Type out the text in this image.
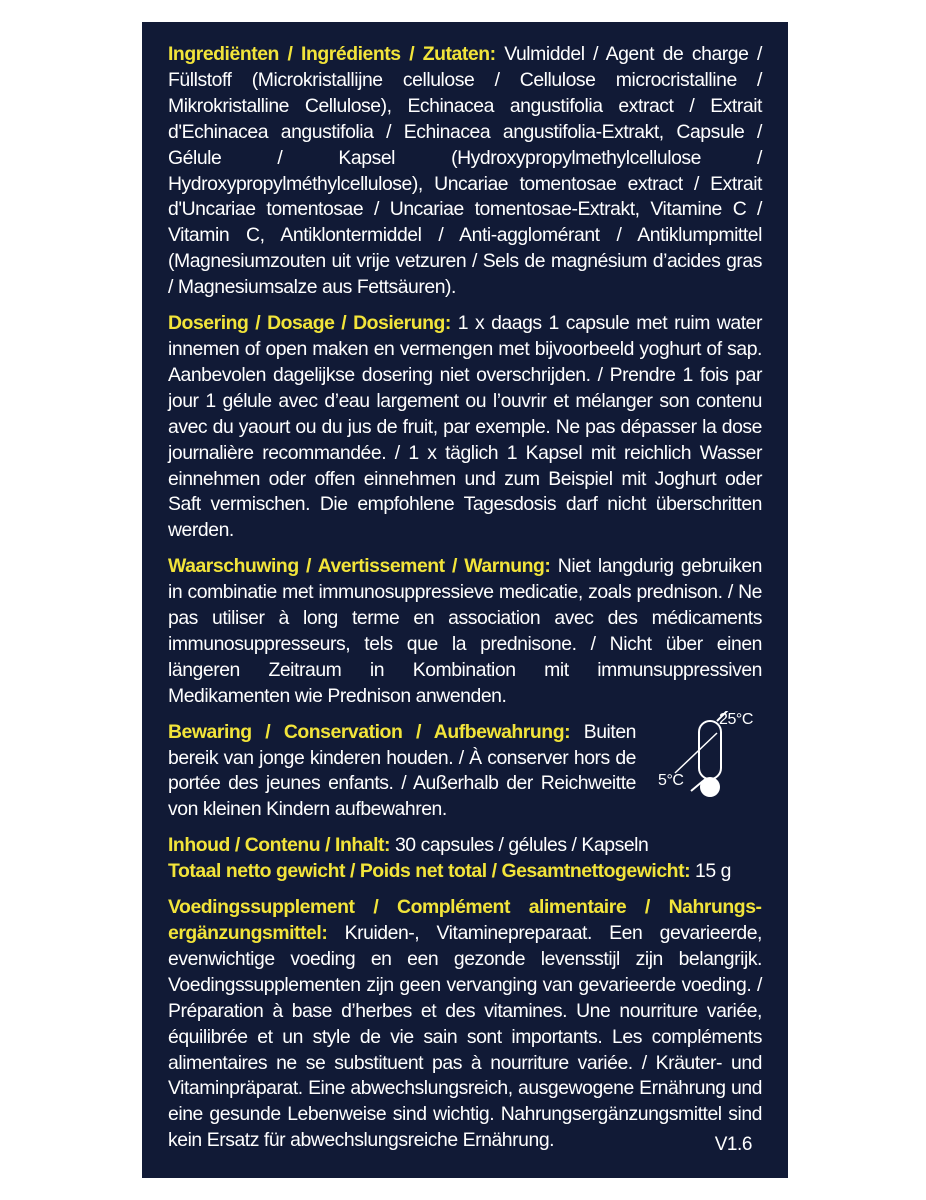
Ingrediënten / Ingrédients / Zutaten: Vulmiddel / Agent de charge / Füllstoff (Microkristallijne cellulose / Cellulose microcristalline / Mikrokristalline Cellulose), Echinacea angustifolia extract / Extrait d'Echinacea angustifolia / Echinacea angustifolia-Extrakt, Capsule / Gélule / Kapsel (Hydroxypropylmethylcellulose / Hydroxypropylméthylcellulose), Uncariae tomentosae extract / Extrait d'Uncariae tomentosae / Uncariae tomentosae-Extrakt, Vitamine C / Vitamin C, Antiklontermiddel / Anti-agglomérant / Antiklumpmittel (Magnesiumzouten uit vrije vetzuren / Sels de magnésium d’acides gras / Magnesiumsalze aus Fettsäuren).

Dosering / Dosage / Dosierung: 1 x daags 1 capsule met ruim water innemen of open maken en vermengen met bijvoorbeeld yoghurt of sap. Aanbevolen dagelijkse dosering niet overschrijden. / Prendre 1 fois par jour 1 gélule avec d’eau largement ou l’ouvrir et mélanger son contenu avec du yaourt ou du jus de fruit, par exemple. Ne pas dépasser la dose journalière recommandée. / 1 x täglich 1 Kapsel mit reichlich Wasser einnehmen oder offen einnehmen und zum Beispiel mit Joghurt oder Saft vermischen. Die empfohlene Tagesdosis darf nicht überschritten werden.

Waarschuwing / Avertissement / Warnung: Niet langdurig gebruiken in combinatie met immunosuppressieve medicatie, zoals prednison. / Ne pas utiliser à long terme en association avec des médicaments immunosuppresseurs, tels que la prednisone. / Nicht über einen längeren Zeitraum in Kombination mit immunsuppressiven Medikamenten wie Prednison anwenden.

Bewaring / Conservation / Aufbewahrung: Buiten bereik van jonge kinderen houden. / À conserver hors de portée des jeunes enfants. / Außerhalb der Reichweitte von kleinen Kindern aufbewahren.

25°C
5°C

Inhoud / Contenu / Inhalt: 30 capsules / gélules / Kapseln

Totaal netto gewicht / Poids net total / Gesamtnettogewicht: 15 g

Voedingssupplement / Complément alimentaire / Nahrungsergänzungsmittel: Kruiden-, Vitaminepreparaat. Een gevarieerde, evenwichtige voeding en een gezonde levensstijl zijn belangrijk. Voedingssupplementen zijn geen vervanging van gevarieerde voeding. / Préparation à base d’herbes et des vitamines. Une nourriture variée, équilibrée et un style de vie sain sont importants. Les compléments alimentaires ne se substituent pas à nourriture variée. / Kräuter- und Vitaminpräparat. Eine abwechslungsreich, ausgewogene Ernährung und eine gesunde Lebenweise sind wichtig. Nahrungsergänzungsmittel sind kein Ersatz für abwechslungsreiche Ernährung.	V1.6
